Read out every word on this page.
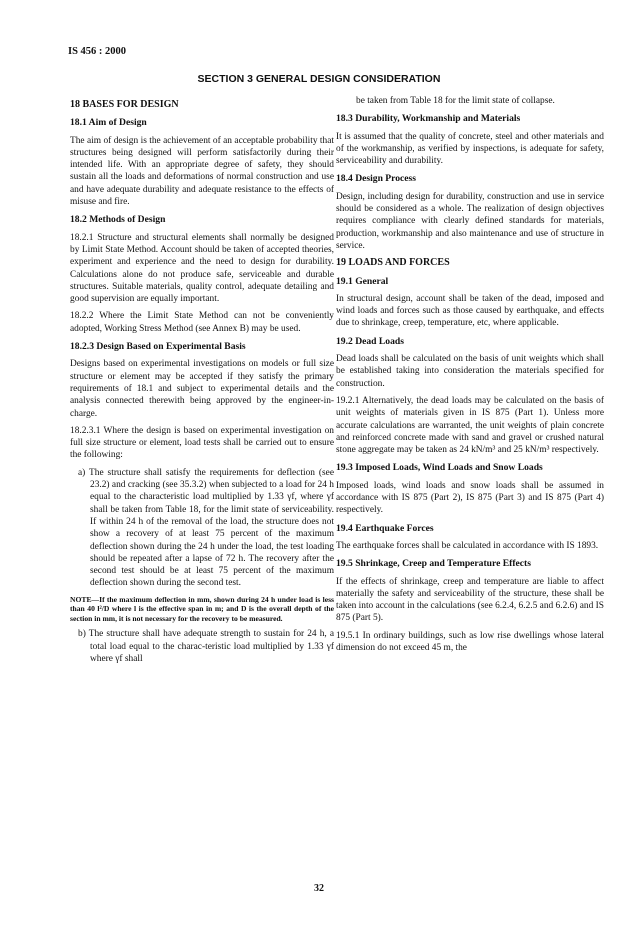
IS 456 : 2000
SECTION 3 GENERAL DESIGN CONSIDERATION
18 BASES FOR DESIGN
18.1 Aim of Design

The aim of design is the achievement of an acceptable probability that structures being designed will perform satisfactorily during their intended life. With an appropriate degree of safety, they should sustain all the loads and deformations of normal construction and use and have adequate durability and adequate resistance to the effects of misuse and fire.

18.2 Methods of Design

18.2.1 Structure and structural elements shall normally be designed by Limit State Method. Account should be taken of accepted theories, experiment and experience and the need to design for durability. Calculations alone do not produce safe, serviceable and durable structures. Suitable materials, quality control, adequate detailing and good supervision are equally important.

18.2.2 Where the Limit State Method can not be conveniently adopted, Working Stress Method (see Annex B) may be used.

18.2.3 Design Based on Experimental Basis

Designs based on experimental investigations on models or full size structure or element may be accepted if they satisfy the primary requirements of 18.1 and subject to experimental details and the analysis connected therewith being approved by the engineer-in-charge.

18.2.3.1 Where the design is based on experimental investigation on full size structure or element, load tests shall be carried out to ensure the following:

a) The structure shall satisfy the requirements for deflection (see 23.2) and cracking (see 35.3.2) when subjected to a load for 24 h equal to the characteristic load multiplied by 1.33 γf, where γf shall be taken from Table 18, for the limit state of serviceability. If within 24 h of the removal of the load, the structure does not show a recovery of at least 75 percent of the maximum deflection shown during the 24 h under the load, the test loading should be repeated after a lapse of 72 h. The recovery after the second test should be at least 75 percent of the maximum deflection shown during the second test.

NOTE—If the maximum deflection in mm, shown during 24 h under load is less than 40 l²/D where l is the effective span in m; and D is the overall depth of the section in mm, it is not necessary for the recovery to be measured.

b) The structure shall have adequate strength to sustain for 24 h, a total load equal to the charac-teristic load multiplied by 1.33 γf where γf shall

be taken from Table 18 for the limit state of collapse.

18.3 Durability, Workmanship and Materials

It is assumed that the quality of concrete, steel and other materials and of the workmanship, as verified by inspections, is adequate for safety, serviceability and durability.

18.4 Design Process

Design, including design for durability, construction and use in service should be considered as a whole. The realization of design objectives requires compliance with clearly defined standards for materials, production, workmanship and also maintenance and use of structure in service.

19 LOADS AND FORCES
19.1 General

In structural design, account shall be taken of the dead, imposed and wind loads and forces such as those caused by earthquake, and effects due to shrinkage, creep, temperature, etc, where applicable.

19.2 Dead Loads

Dead loads shall be calculated on the basis of unit weights which shall be established taking into consideration the materials specified for construction.

19.2.1 Alternatively, the dead loads may be calculated on the basis of unit weights of materials given in IS 875 (Part 1). Unless more accurate calculations are warranted, the unit weights of plain concrete and reinforced concrete made with sand and gravel or crushed natural stone aggregate may be taken as 24 kN/m³ and 25 kN/m³ respectively.

19.3 Imposed Loads, Wind Loads and Snow Loads

Imposed loads, wind loads and snow loads shall be assumed in accordance with IS 875 (Part 2), IS 875 (Part 3) and IS 875 (Part 4) respectively.

19.4 Earthquake Forces

The earthquake forces shall be calculated in accordance with IS 1893.

19.5 Shrinkage, Creep and Temperature Effects

If the effects of shrinkage, creep and temperature are liable to affect materially the safety and serviceability of the structure, these shall be taken into account in the calculations (see 6.2.4, 6.2.5 and 6.2.6) and IS 875 (Part 5).

19.5.1 In ordinary buildings, such as low rise dwellings whose lateral dimension do not exceed 45 m, the

32
